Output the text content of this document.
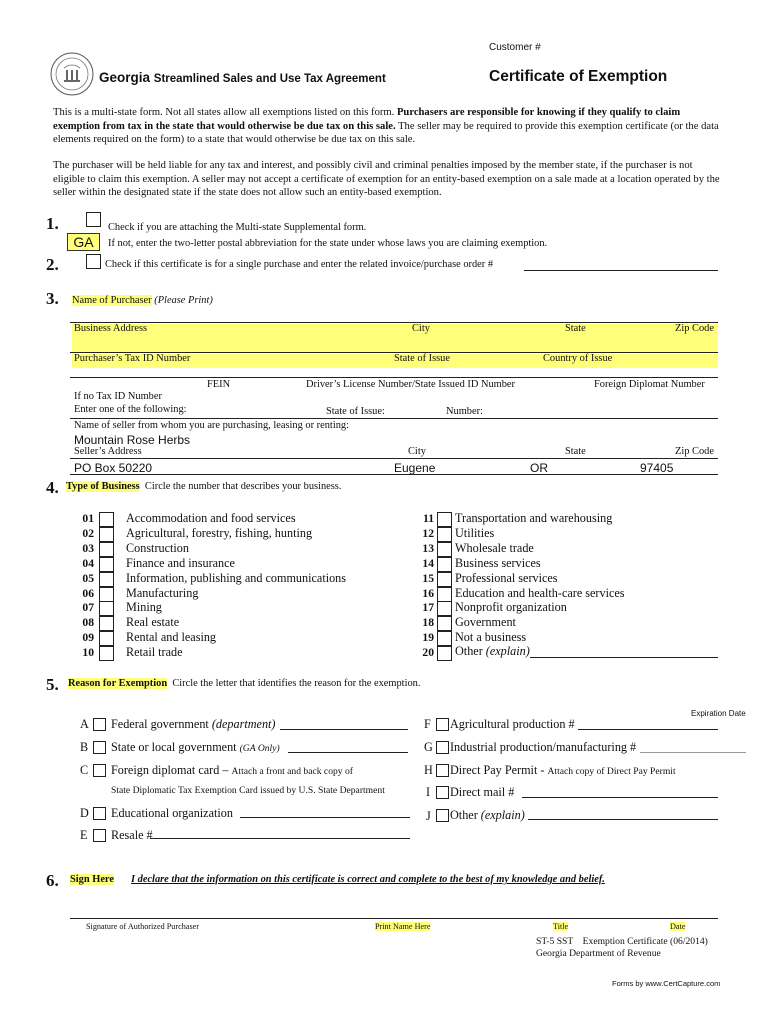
Customer #
Georgia Streamlined Sales and Use Tax Agreement	Certificate of Exemption
This is a multi-state form. Not all states allow all exemptions listed on this form. Purchasers are responsible for knowing if they qualify to claim exemption from tax in the state that would otherwise be due tax on this sale. The seller may be required to provide this exemption certificate (or the data elements required on the form) to a state that would otherwise be due tax on this sale.
The purchaser will be held liable for any tax and interest, and possibly civil and criminal penalties imposed by the member state, if the purchaser is not eligible to claim this exemption. A seller may not accept a certificate of exemption for an entity-based exemption on a sale made at a location operated by the seller within the designated state if the state does not allow such an entity-based exemption.
1.	Check if you are attaching the Multi-state Supplemental form.
GA	If not, enter the two-letter postal abbreviation for the state under whose laws you are claiming exemption.
2.	Check if this certificate is for a single purchase and enter the related invoice/purchase order #
3. Name of Purchaser (Please Print)
Business Address	City	State	Zip Code
Purchaser’s Tax ID Number	State of Issue	Country of Issue
FEIN	Driver’s License Number/State Issued ID Number	Foreign Diplomat Number
If no Tax ID Number
Enter one of the following:	State of Issue:	Number:
Name of seller from whom you are purchasing, leasing or renting:
Mountain Rose Herbs
Seller’s Address	City	State	Zip Code
PO Box 50220	Eugene	OR	97405
4. Type of Business Circle the number that describes your business.
01	Accommodation and food services
02	Agricultural, forestry, fishing, hunting
03	Construction
04	Finance and insurance
05	Information, publishing and communications
06	Manufacturing
07	Mining
08	Real estate
09	Rental and leasing
10	Retail trade
11 Transportation and warehousing
12 Utilities
13 Wholesale trade
14 Business services
15 Professional services
16 Education and health-care services
17 Nonprofit organization
18 Government
19 Not a business
20 Other (explain)
5. Reason for Exemption Circle the letter that identifies the reason for the exemption.
Expiration Date
A Federal government (department)
B State or local government (GA Only)
C Foreign diplomat card – Attach a front and back copy of
State Diplomatic Tax Exemption Card issued by U.S. State Department
D Educational organization
E Resale #
F Agricultural production #
G Industrial production/manufacturing #
H Direct Pay Permit - Attach copy of Direct Pay Permit
I Direct mail #
J Other (explain)
6. Sign Here I declare that the information on this certificate is correct and complete to the best of my knowledge and belief.
Signature of Authorized Purchaser	Print Name Here	Title	Date
ST-5 SST    Exemption Certificate (06/2014)
Georgia Department of Revenue
Forms by www.CertCapture.com
